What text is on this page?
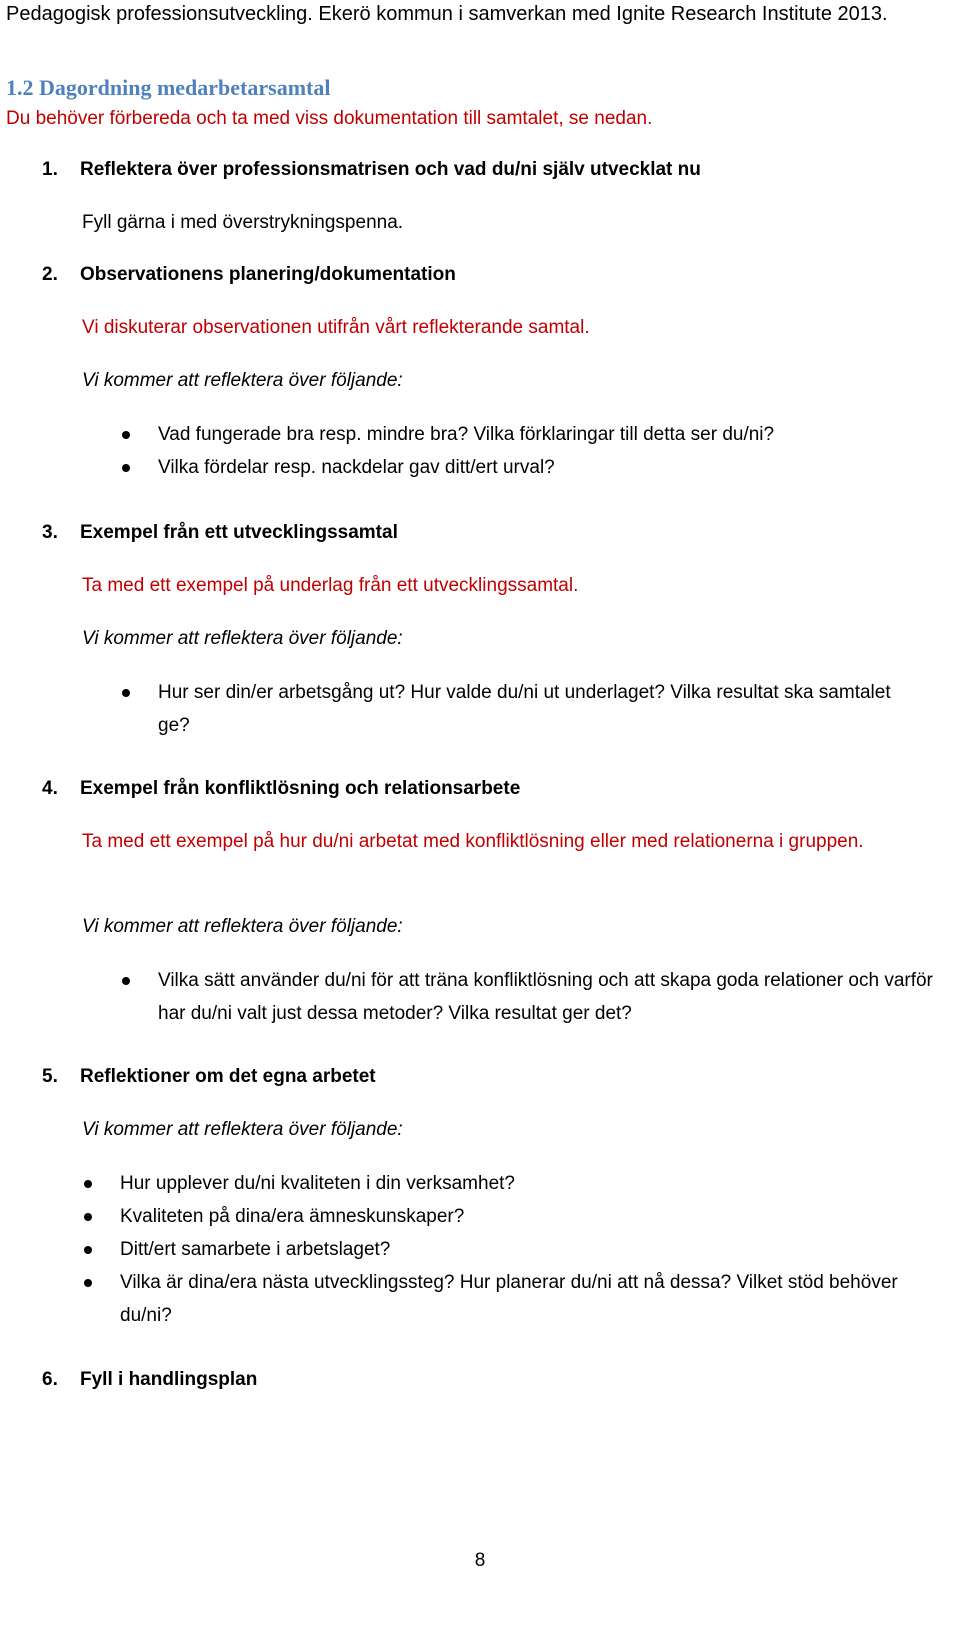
Pedagogisk professionsutveckling. Ekerö kommun i samverkan med Ignite Research Institute 2013.
1.2 Dagordning medarbetarsamtal
Du behöver förbereda och ta med viss dokumentation till samtalet, se nedan.
1. Reflektera över professionsmatrisen och vad du/ni själv utvecklat nu
Fyll gärna i med överstrykningspenna.
2. Observationens planering/dokumentation
Vi diskuterar observationen utifrån vårt reflekterande samtal.
Vi kommer att reflektera över följande:
Vad fungerade bra resp. mindre bra? Vilka förklaringar till detta ser du/ni?
Vilka fördelar resp. nackdelar gav ditt/ert urval?
3. Exempel från ett utvecklingssamtal
Ta med ett exempel på underlag från ett utvecklingssamtal.
Vi kommer att reflektera över följande:
Hur ser din/er arbetsgång ut? Hur valde du/ni ut underlaget? Vilka resultat ska samtalet ge?
4. Exempel från konfliktlösning och relationsarbete
Ta med ett exempel på hur du/ni arbetat med konfliktlösning eller med relationerna i gruppen.
Vi kommer att reflektera över följande:
Vilka sätt använder du/ni för att träna konfliktlösning och att skapa goda relationer och varför har du/ni valt just dessa metoder? Vilka resultat ger det?
5. Reflektioner om det egna arbetet
Vi kommer att reflektera över följande:
Hur upplever du/ni kvaliteten i din verksamhet?
Kvaliteten på dina/era ämneskunskaper?
Ditt/ert samarbete i arbetslaget?
Vilka är dina/era nästa utvecklingssteg? Hur planerar du/ni att nå dessa? Vilket stöd behöver du/ni?
6. Fyll i handlingsplan
8
